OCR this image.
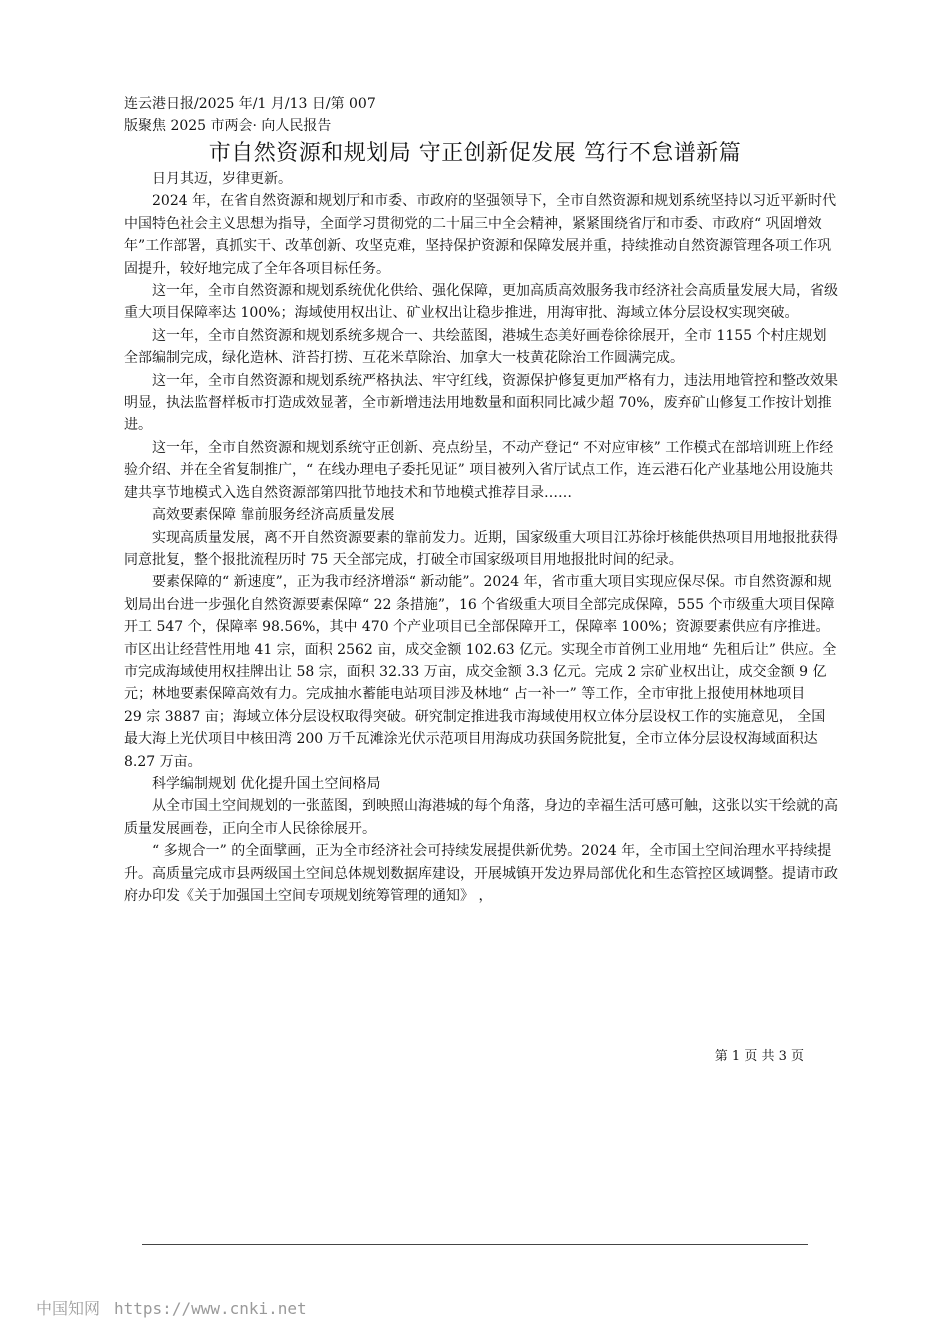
连云港日报/2025 年/1 月/13 日/第 007
版聚焦 2025 市两会· 向人民报告
市自然资源和规划局 守正创新促发展 笃行不怠谱新篇

日月其迈，岁律更新。

2024 年，在省自然资源和规划厅和市委、市政府的坚强领导下，全市自然资源和规划系统坚持以习近平新时代中国特色社会主义思想为指导，全面学习贯彻党的二十届三中全会精神，紧紧围绕省厅和市委、市政府“ 巩固增效年”工作部署，真抓实干、改革创新、攻坚克难，坚持保护资源和保障发展并重，持续推动自然资源管理各项工作巩固提升，较好地完成了全年各项目标任务。

这一年，全市自然资源和规划系统优化供给、强化保障，更加高质高效服务我市经济社会高质量发展大局，省级重大项目保障率达 100%；海域使用权出让、矿业权出让稳步推进，用海审批、海域立体分层设权实现突破。

这一年，全市自然资源和规划系统多规合一、共绘蓝图，港城生态美好画卷徐徐展开，全市 1155 个村庄规划全部编制完成，绿化造林、浒苔打捞、互花米草除治、加拿大一枝黄花除治工作圆满完成。

这一年，全市自然资源和规划系统严格执法、牢守红线，资源保护修复更加严格有力，违法用地管控和整改效果明显，执法监督样板市打造成效显著，全市新增违法用地数量和面积同比减少超 70%，废弃矿山修复工作按计划推进。

这一年，全市自然资源和规划系统守正创新、亮点纷呈，不动产登记“ 不对应审核” 工作模式在部培训班上作经验介绍、并在全省复制推广，“ 在线办理电子委托见证” 项目被列入省厅试点工作，连云港石化产业基地公用设施共建共享节地模式入选自然资源部第四批节地技术和节地模式推荐目录……

高效要素保障 靠前服务经济高质量发展

实现高质量发展，离不开自然资源要素的靠前发力。近期，国家级重大项目江苏徐圩核能供热项目用地报批获得同意批复，整个报批流程历时 75 天全部完成，打破全市国家级项目用地报批时间的纪录。

要素保障的“ 新速度”，正为我市经济增添“ 新动能”。2024 年，省市重大项目实现应保尽保。市自然资源和规划局出台进一步强化自然资源要素保障“ 22 条措施”，16 个省级重大项目全部完成保障，555 个市级重大项目保障开工 547 个，保障率 98.56%，其中 470 个产业项目已全部保障开工，保障率 100%；资源要素供应有序推进。市区出让经营性用地 41 宗，面积 2562 亩，成交金额 102.63 亿元。实现全市首例工业用地“ 先租后让” 供应。全市完成海域使用权挂牌出让 58 宗，面积 32.33 万亩，成交金额 3.3 亿元。完成 2 宗矿业权出让，成交金额 9 亿元；林地要素保障高效有力。完成抽水蓄能电站项目涉及林地“ 占一补一” 等工作，全市审批上报使用林地项目

29 宗 3887 亩；海域立体分层设权取得突破。研究制定推进我市海域使用权立体分层设权工作的实施意见， 全国最大海上光伏项目中核田湾 200 万千瓦滩涂光伏示范项目用海成功获国务院批复，全市立体分层设权海域面积达 8.27 万亩。

科学编制规划 优化提升国土空间格局

从全市国土空间规划的一张蓝图，到映照山海港城的每个角落，身边的幸福生活可感可触，这张以实干绘就的高质量发展画卷，正向全市人民徐徐展开。

“ 多规合一” 的全面擘画，正为全市经济社会可持续发展提供新优势。2024 年，全市国土空间治理水平持续提升。高质量完成市县两级国土空间总体规划数据库建设，开展城镇开发边界局部优化和生态管控区域调整。提请市政府办印发《关于加强国土空间专项规划统筹管理的通知》 ，

第 1 页 共 3 页
中国知网 https://www.cnki.net
